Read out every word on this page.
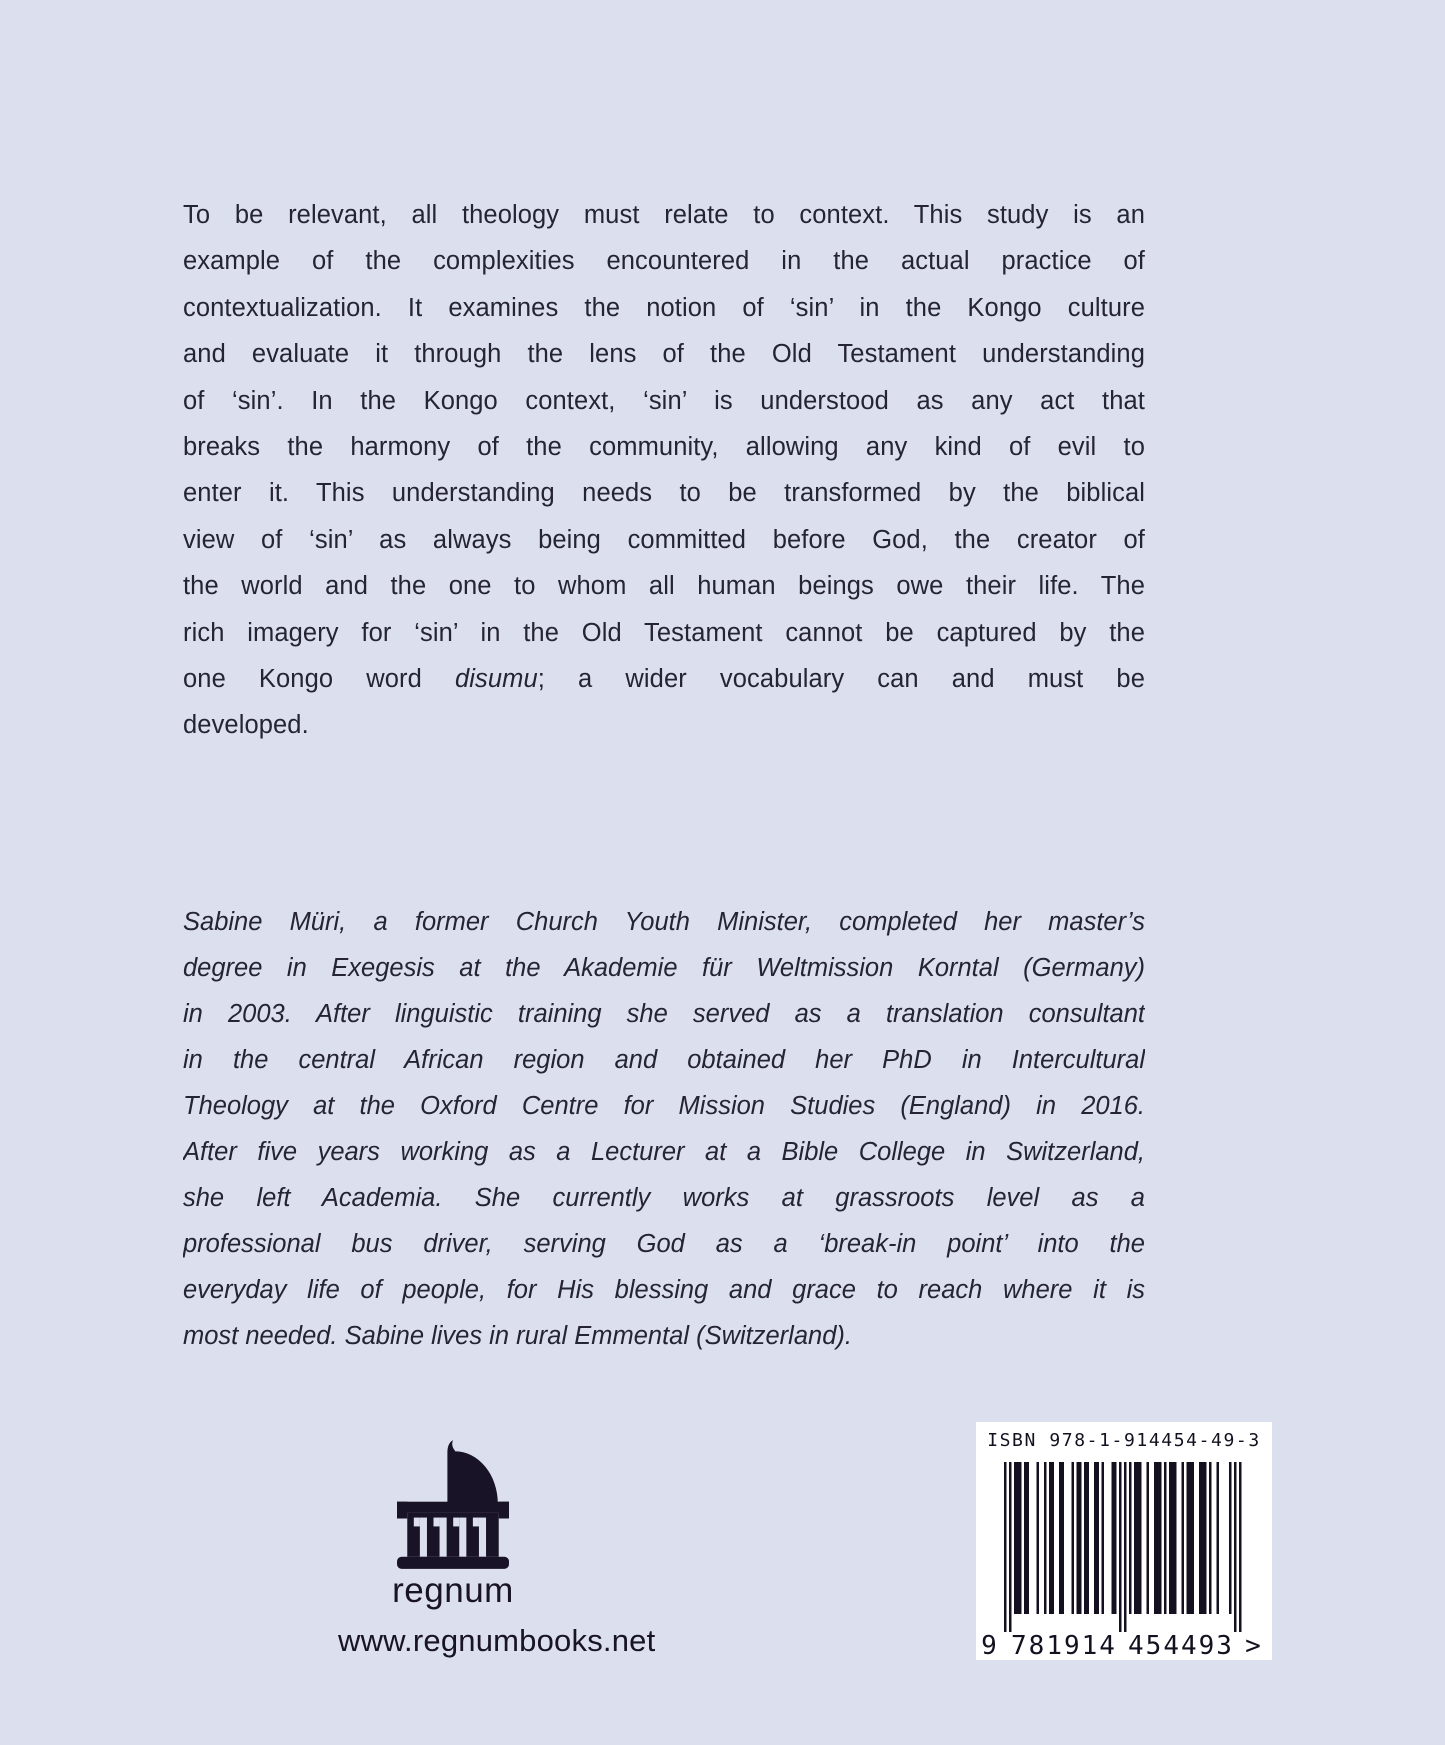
To be relevant, all theology must relate to context. This study is an
example of the complexities encountered in the actual practice of
contextualization. It examines the notion of ‘sin’ in the Kongo culture
and evaluate it through the lens of the Old Testament understanding
of ‘sin’. In the Kongo context, ‘sin’ is understood as any act that
breaks the harmony of the community, allowing any kind of evil to
enter it. This understanding needs to be transformed by the biblical
view of ‘sin’ as always being committed before God, the creator of
the world and the one to whom all human beings owe their life. The
rich imagery for ‘sin’ in the Old Testament cannot be captured by the
one Kongo word disumu; a wider vocabulary can and must be
developed.
Sabine Müri, a former Church Youth Minister, completed her master’s
degree in Exegesis at the Akademie für Weltmission Korntal (Germany)
in 2003. After linguistic training she served as a translation consultant
in the central African region and obtained her PhD in Intercultural
Theology at the Oxford Centre for Mission Studies (England) in 2016.
After five years working as a Lecturer at a Bible College in Switzerland,
she left Academia. She currently works at grassroots level as a
professional bus driver, serving God as a ‘break-in point’ into the
everyday life of people, for His blessing and grace to reach where it is
most needed. Sabine lives in rural Emmental (Switzerland).
regnum
www.regnumbooks.net
ISBN 978-1-914454-49-3
9 781914 454493 >
